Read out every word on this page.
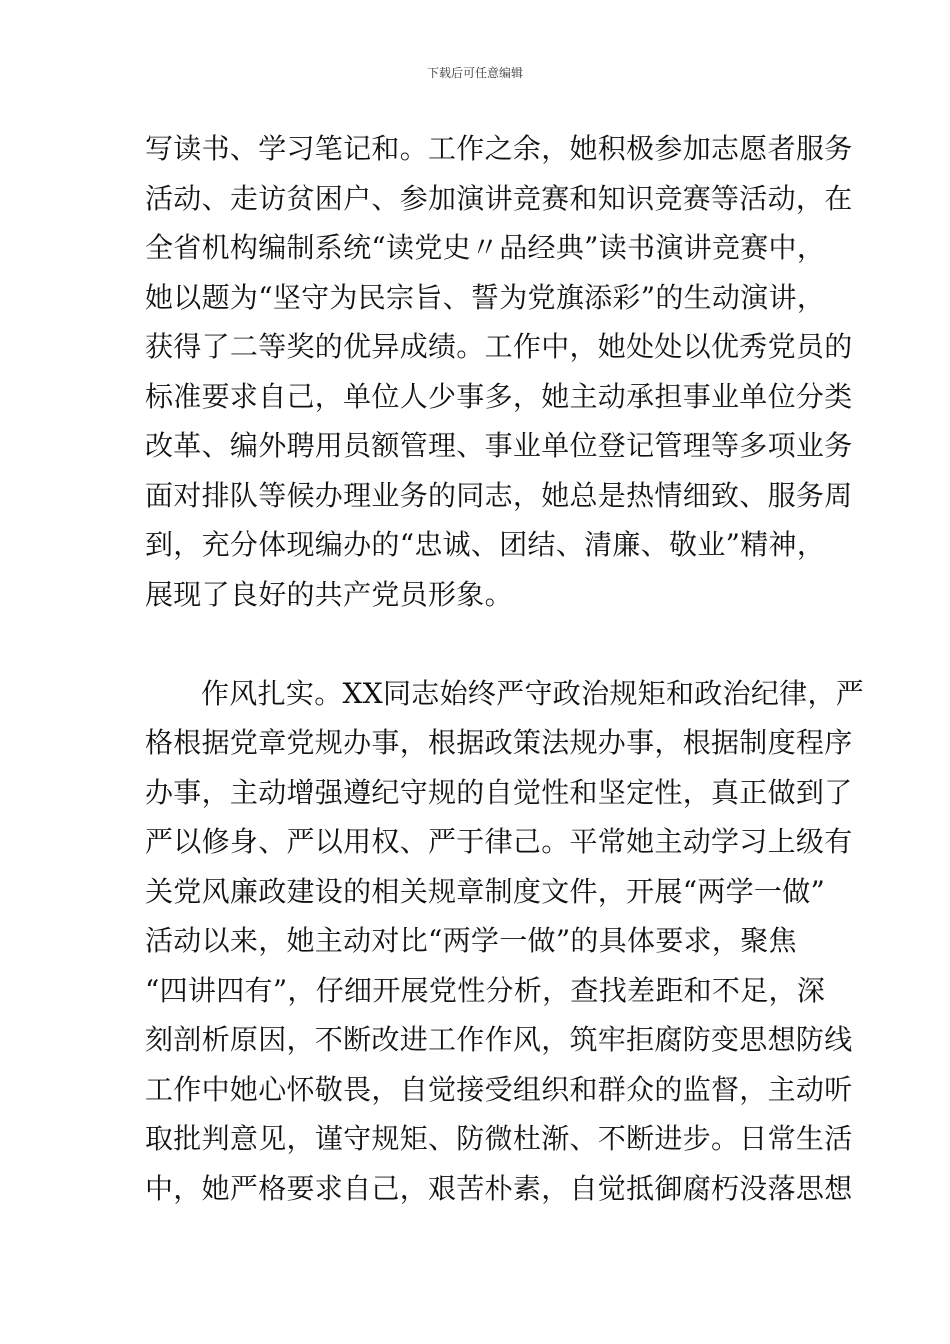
下载后可任意编辑
写读书、学习笔记和。工作之余，她积极参加志愿者服务
活动、走访贫困户、参加演讲竞赛和知识竞赛等活动，在
全省机构编制系统“读党史〃品经典”读书演讲竞赛中，
她以题为“坚守为民宗旨、誓为党旗添彩”的生动演讲，
获得了二等奖的优异成绩。工作中，她处处以优秀党员的
标准要求自己，单位人少事多，她主动承担事业单位分类
改革、编外聘用员额管理、事业单位登记管理等多项业务
面对排队等候办理业务的同志，她总是热情细致、服务周
到，充分体现编办的“忠诚、团结、清廉、敬业”精神，
展现了良好的共产党员形象。
作风扎实。XX同志始终严守政治规矩和政治纪律，严
格根据党章党规办事，根据政策法规办事，根据制度程序
办事，主动增强遵纪守规的自觉性和坚定性，真正做到了
严以修身、严以用权、严于律己。平常她主动学习上级有
关党风廉政建设的相关规章制度文件，开展“两学一做”
活动以来，她主动对比“两学一做”的具体要求，聚焦
“四讲四有”，仔细开展党性分析，查找差距和不足，深
刻剖析原因，不断改进工作作风，筑牢拒腐防变思想防线
工作中她心怀敬畏，自觉接受组织和群众的监督，主动听
取批判意见，谨守规矩、防微杜渐、不断进步。日常生活
中，她严格要求自己，艰苦朴素，自觉抵御腐朽没落思想
